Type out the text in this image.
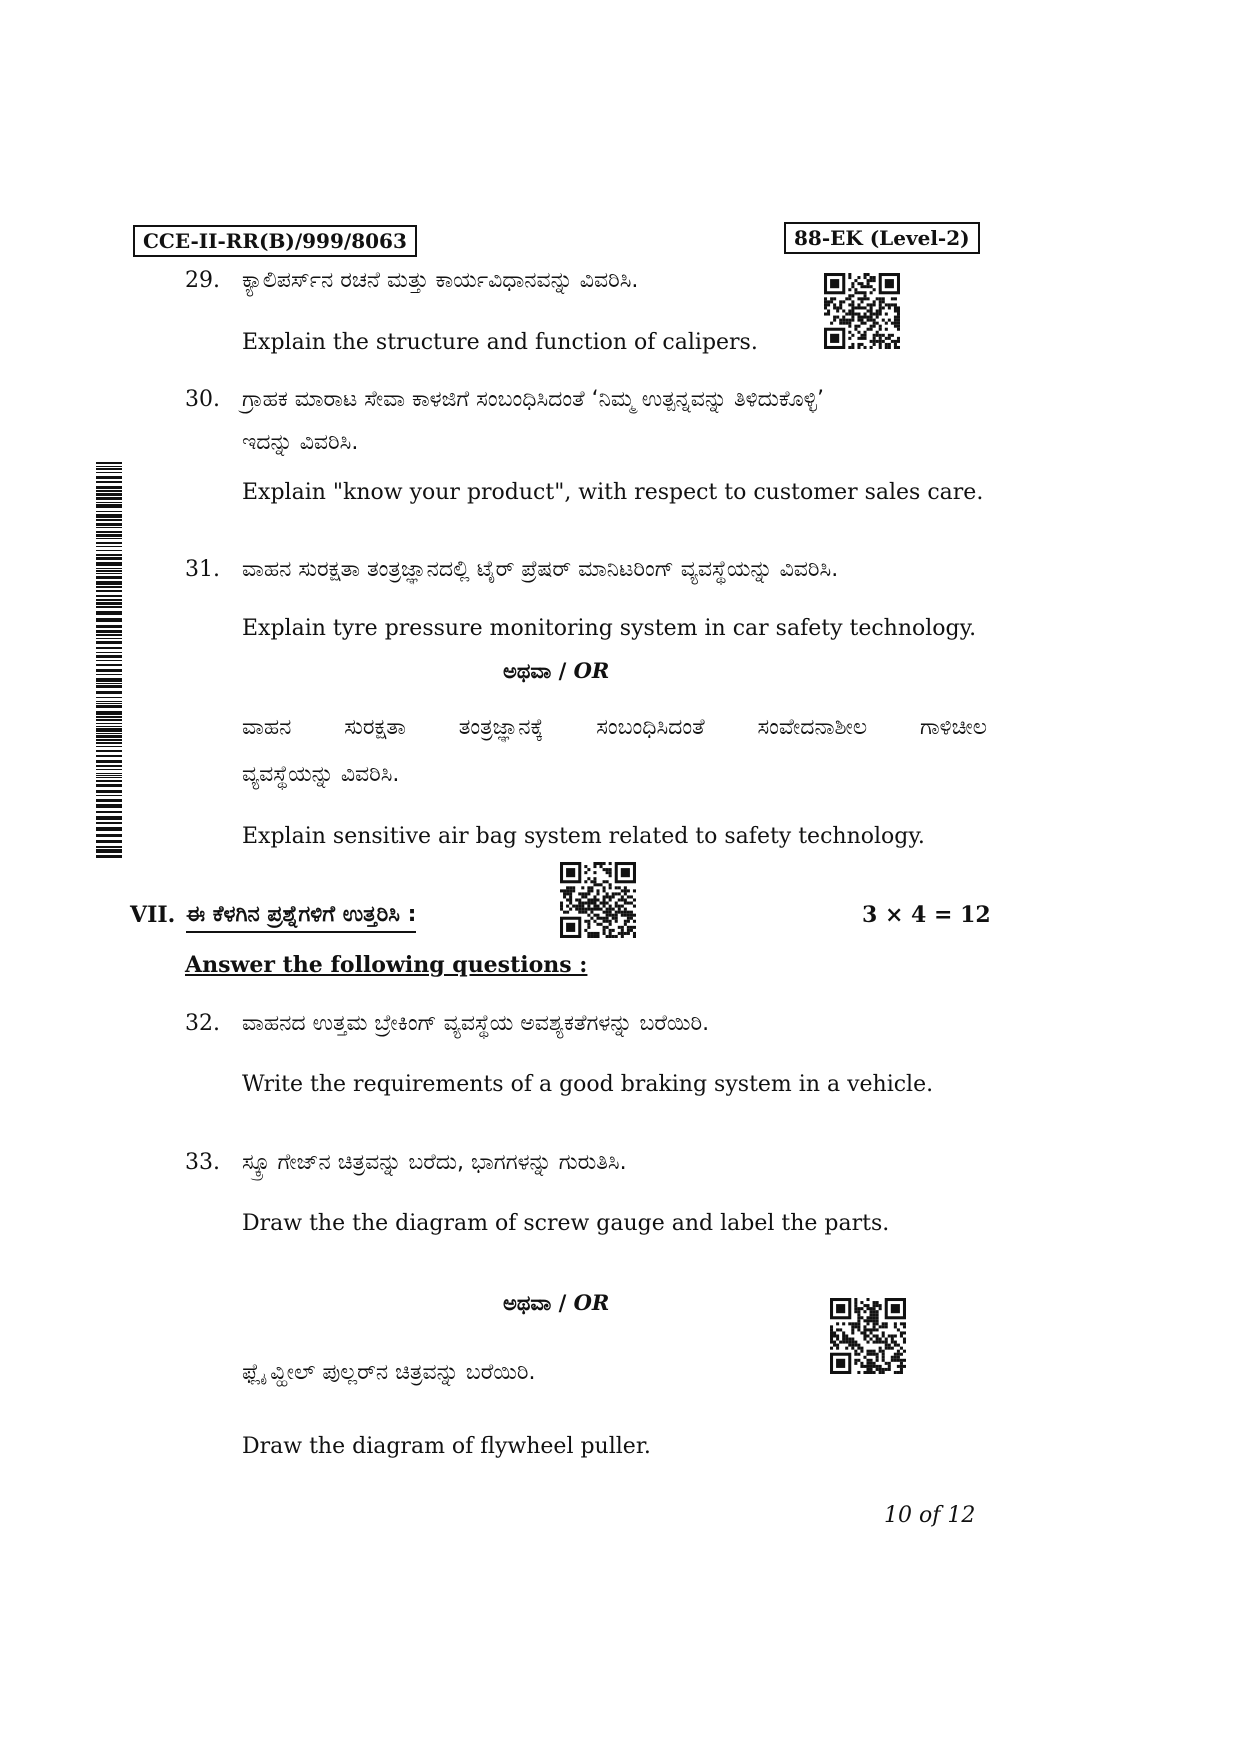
CCE-II-RR(B)/999/8063	88-EK (Level-2)
29. ಕ್ಯಾಲಿಪರ್ಸ್‌ನ ರಚನೆ ಮತ್ತು ಕಾರ್ಯವಿಧಾನವನ್ನು ವಿವರಿಸಿ.
Explain the structure and function of calipers.
30. ಗ್ರಾಹಕ ಮಾರಾಟ ಸೇವಾ ಕಾಳಜಿಗೆ ಸಂಬಂಧಿಸಿದಂತೆ ‘ನಿಮ್ಮ ಉತ್ಪನ್ನವನ್ನು ತಿಳಿದುಕೊಳ್ಳಿ’
ಇದನ್ನು ವಿವರಿಸಿ.
Explain "know your product", with respect to customer sales care.
31. ವಾಹನ ಸುರಕ್ಷತಾ ತಂತ್ರಜ್ಞಾನದಲ್ಲಿ ಟೈರ್ ಪ್ರೆಷರ್ ಮಾನಿಟರಿಂಗ್ ವ್ಯವಸ್ಥೆಯನ್ನು ವಿವರಿಸಿ.
Explain tyre pressure monitoring system in car safety technology.
ಅಥವಾ / OR
ವಾಹನ ಸುರಕ್ಷತಾ ತಂತ್ರಜ್ಞಾನಕ್ಕೆ ಸಂಬಂಧಿಸಿದಂತೆ ಸಂವೇದನಾಶೀಲ ಗಾಳಿಚೀಲ
ವ್ಯವಸ್ಥೆಯನ್ನು ವಿವರಿಸಿ.
Explain sensitive air bag system related to safety technology.
VII. ಈ ಕೆಳಗಿನ ಪ್ರಶ್ನೆಗಳಿಗೆ ಉತ್ತರಿಸಿ :	3 × 4 = 12
Answer the following questions :
32. ವಾಹನದ ಉತ್ತಮ ಬ್ರೇಕಿಂಗ್ ವ್ಯವಸ್ಥೆಯ ಅವಶ್ಯಕತೆಗಳನ್ನು ಬರೆಯಿರಿ.
Write the requirements of a good braking system in a vehicle.
33. ಸ್ಕ್ರೂ ಗೇಜ್‌ನ ಚಿತ್ರವನ್ನು ಬರೆದು, ಭಾಗಗಳನ್ನು ಗುರುತಿಸಿ.
Draw the the diagram of screw gauge and label the parts.
ಅಥವಾ / OR
ಫ್ಲೈ ವ್ಹೀಲ್ ಪುಲ್ಲರ್‌ನ ಚಿತ್ರವನ್ನು ಬರೆಯಿರಿ.
Draw the diagram of flywheel puller.
10 of 12
